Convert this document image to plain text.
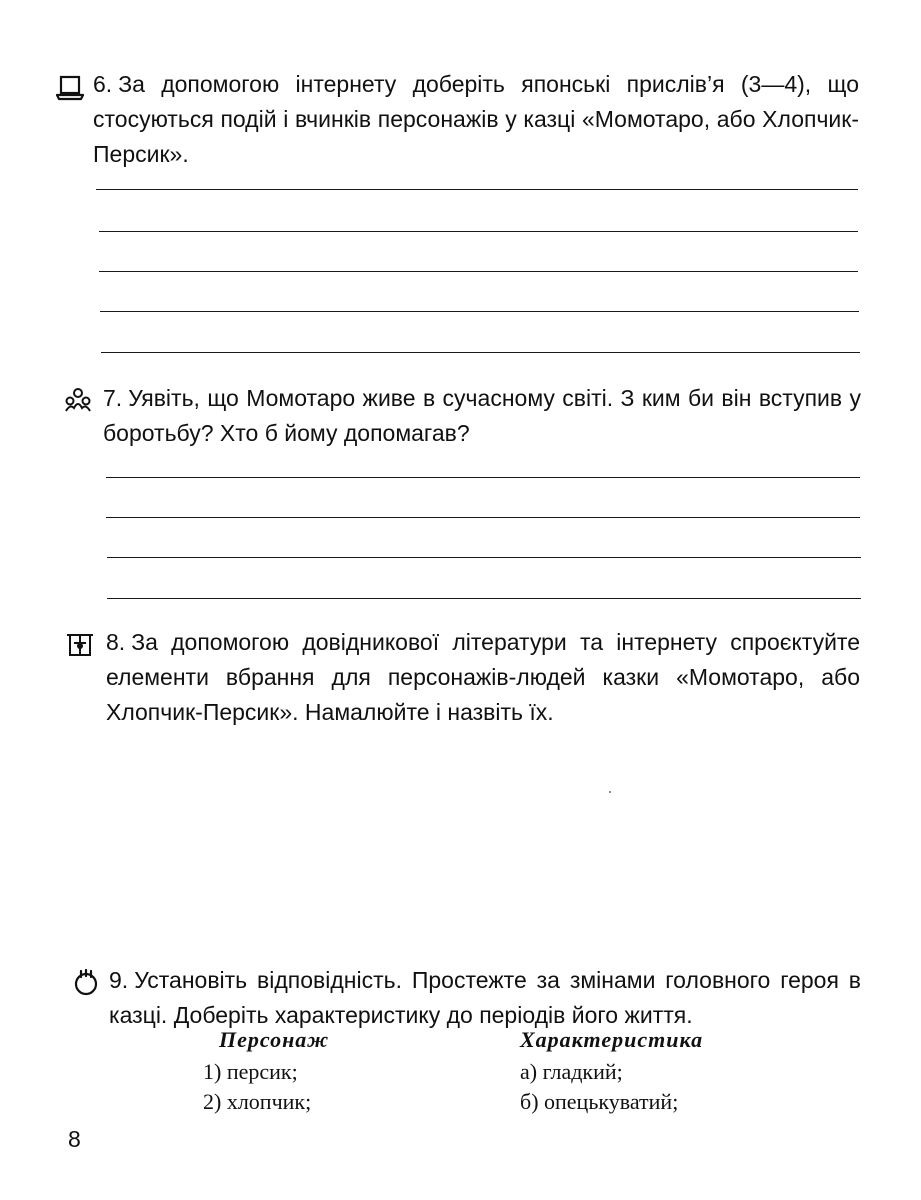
6. За допомогою інтернету доберіть японські прислів’я (3—4), що стосуються подій і вчинків персонажів у казці «Момотаро, або Хлопчик-Персик».

7. Уявіть, що Момотаро живе в сучасному світі. З ким би він вступив у боротьбу? Хто б йому допомагав?

8. За допомогою довідникової літератури та інтернету спроєктуйте елементи вбрання для персонажів-людей казки «Момотаро, або Хлопчик-Персик». Намалюйте і назвіть їх.

9. Установіть відповідність. Простежте за змінами головного героя в казці. Доберіть характеристику до періодів його життя.

Персонаж	Характеристика
1) персик;
2) хлопчик;
а) гладкий;
б) опецькуватий;
8
